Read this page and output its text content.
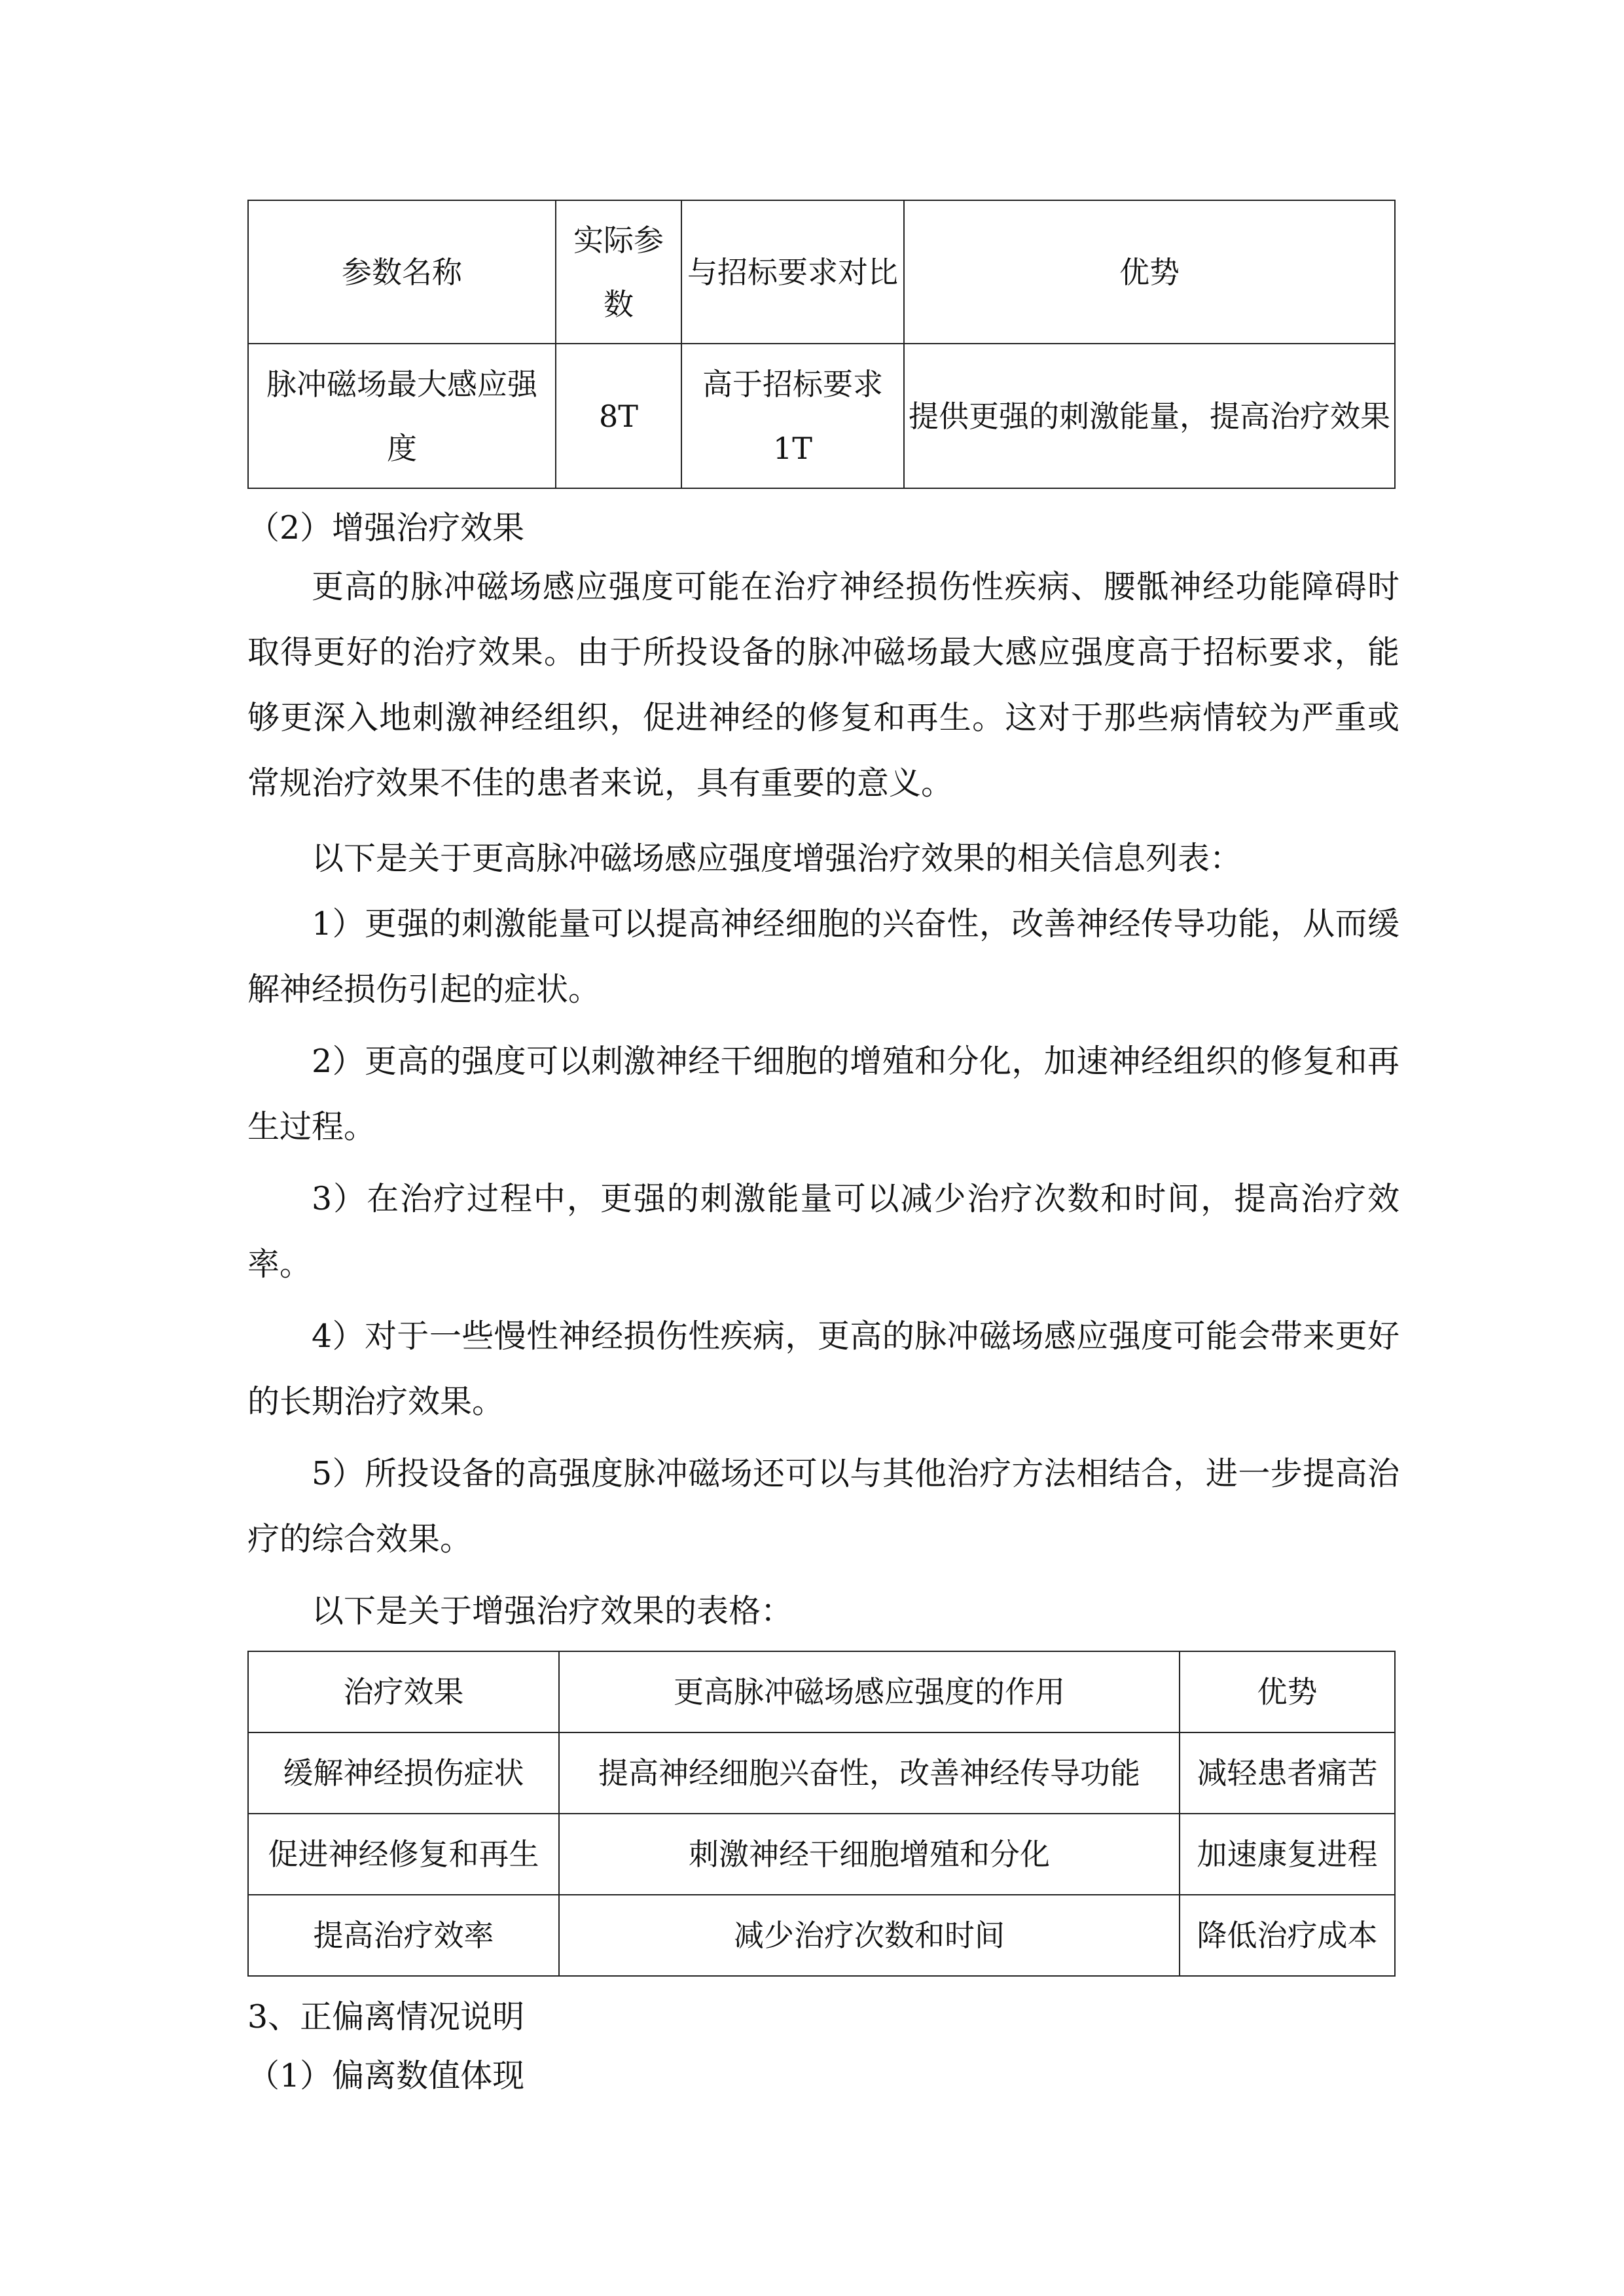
参数名称	实际参数	与招标要求对比	优势
脉冲磁场最大感应强度	8T	高于招标要求1T	提供更强的刺激能量，提高治疗效果
（2）增强治疗效果

更高的脉冲磁场感应强度可能在治疗神经损伤性疾病、腰骶神经功能障碍时取得更好的治疗效果。由于所投设备的脉冲磁场最大感应强度高于招标要求，能够更深入地刺激神经组织，促进神经的修复和再生。这对于那些病情较为严重或常规治疗效果不佳的患者来说，具有重要的意义。

以下是关于更高脉冲磁场感应强度增强治疗效果的相关信息列表：

1）更强的刺激能量可以提高神经细胞的兴奋性，改善神经传导功能，从而缓解神经损伤引起的症状。

2）更高的强度可以刺激神经干细胞的增殖和分化，加速神经组织的修复和再生过程。

3）在治疗过程中，更强的刺激能量可以减少治疗次数和时间，提高治疗效率。

4）对于一些慢性神经损伤性疾病，更高的脉冲磁场感应强度可能会带来更好的长期治疗效果。

5）所投设备的高强度脉冲磁场还可以与其他治疗方法相结合，进一步提高治疗的综合效果。

以下是关于增强治疗效果的表格：

治疗效果	更高脉冲磁场感应强度的作用	优势
缓解神经损伤症状	提高神经细胞兴奋性，改善神经传导功能	减轻患者痛苦
促进神经修复和再生	刺激神经干细胞增殖和分化	加速康复进程
提高治疗效率	减少治疗次数和时间	降低治疗成本
3、正偏离情况说明
（1）偏离数值体现
